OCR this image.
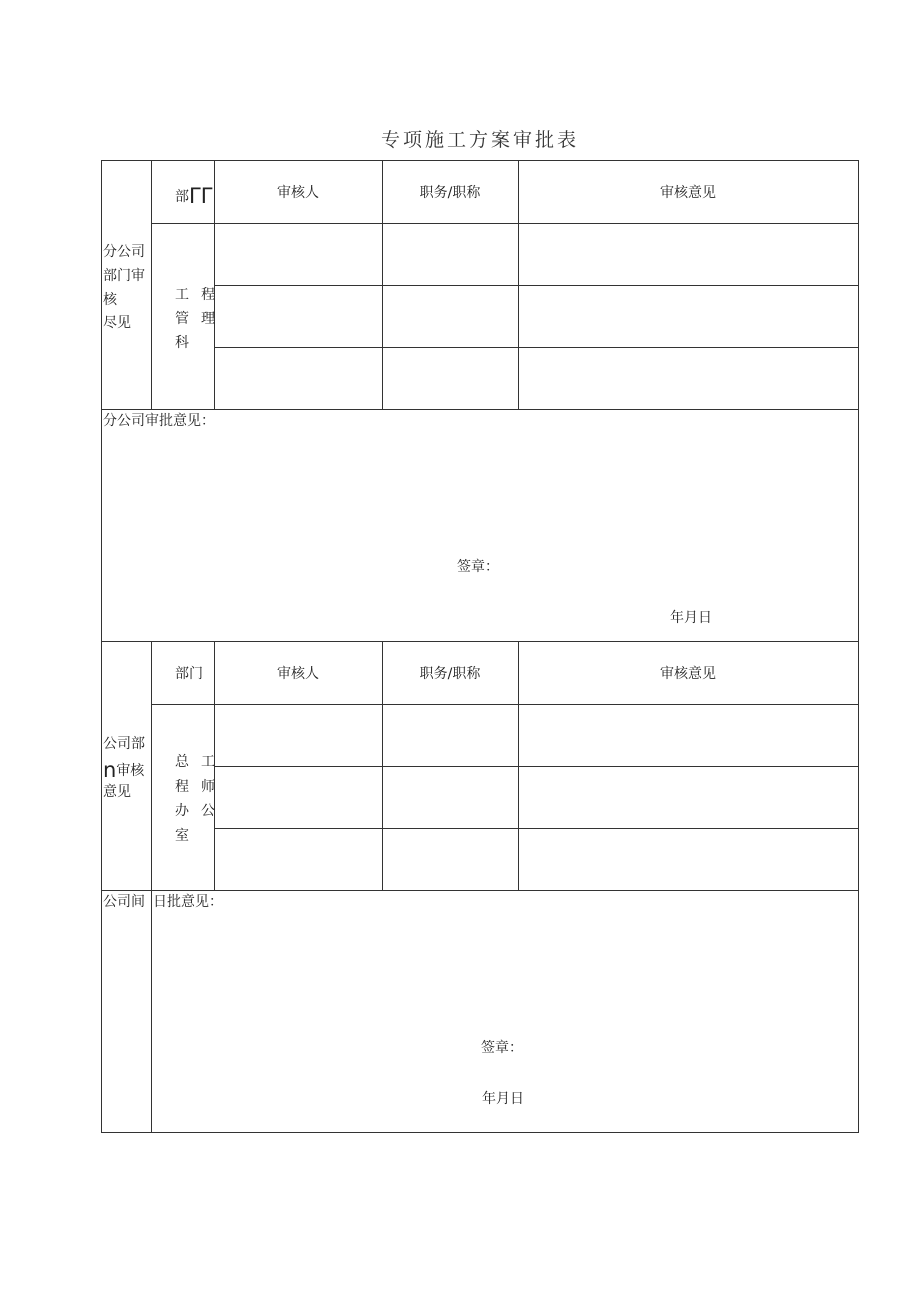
专项施工方案审批表
分公司
部门审
核
尽见
部ΓΓ	审核人	职务/职称	审核意见
工程
管理
科
分公司审批意见：
签章：
年月日
公司部
n审核
意见
部门	审核人	职务/职称	审核意见
总工
程师
办公
室
公司间 日批意见：
签章：
年月日
